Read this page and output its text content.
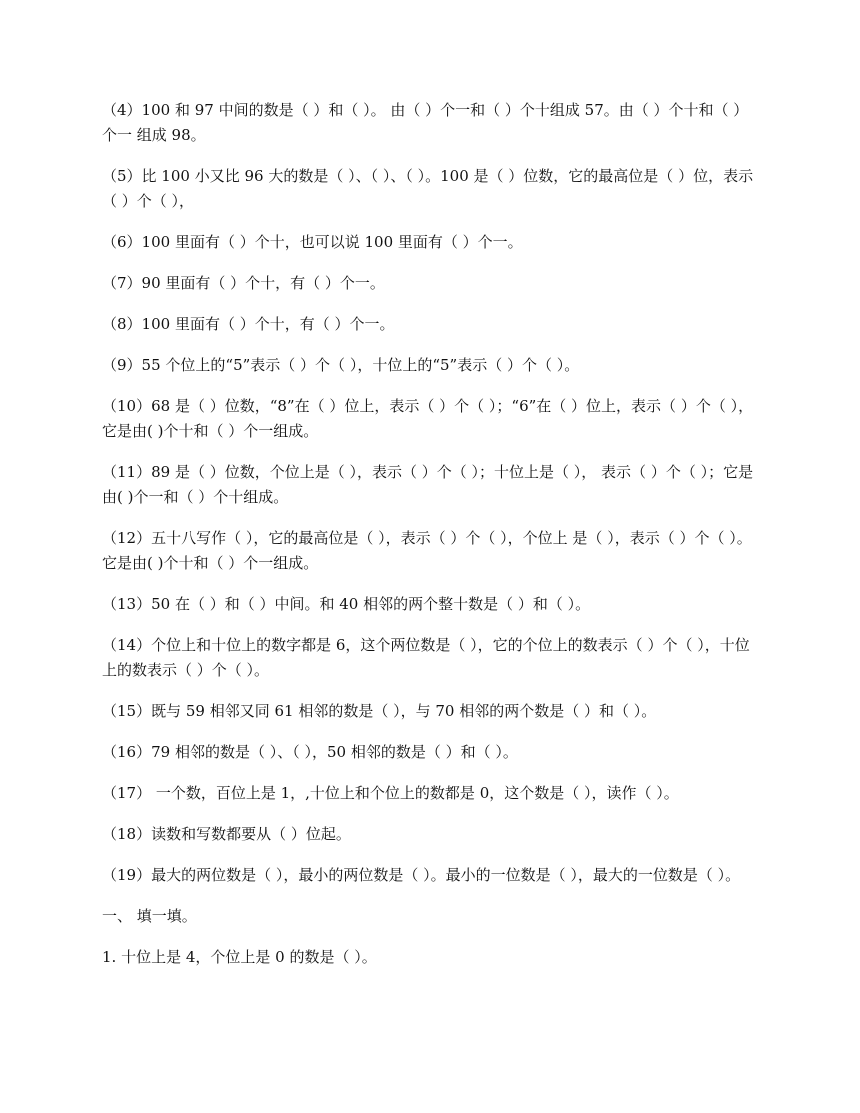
（4）100 和 97 中间的数是（ ）和（ ）。 由（ ）个一和（ ）个十组成 57。由（ ）个十和（ ）个一 组成 98。

（5）比 100 小又比 96 大的数是（ ）、（ ）、（ ）。100 是（ ）位数，它的最高位是（ ）位，表示（ ）个（ ），

（6）100 里面有（ ）个十，也可以说 100 里面有（ ）个一。

（7）90 里面有（ ）个十，有（ ）个一。

（8）100 里面有（ ）个十，有（ ）个一。

（9）55 个位上的“5”表示（ ）个（ ），十位上的“5”表示（ ）个（ ）。

（10）68 是（ ）位数，“8”在（ ）位上，表示（ ）个（ ）；“6”在（ ）位上，表示（ ）个（ ），它是由( )个十和（ ）个一组成。

（11）89 是（ ）位数，个位上是（ ），表示（ ）个（ ）；十位上是（ ）， 表示（ ）个（ ）；它是由( )个一和（ ）个十组成。

（12）五十八写作（ ），它的最高位是（ ），表示（ ）个（ ），个位上 是（ ），表示（ ）个（ ）。它是由( )个十和（ ）个一组成。

（13）50 在（ ）和（ ）中间。和 40 相邻的两个整十数是（ ）和（ ）。

（14）个位上和十位上的数字都是 6，这个两位数是（ ），它的个位上的数表示（ ）个（ ），十位上的数表示（ ）个（ ）。

（15）既与 59 相邻又同 61 相邻的数是（ ），与 70 相邻的两个数是（ ）和（ ）。

（16）79 相邻的数是（ ）、（ ），50 相邻的数是（ ）和（ ）。

（17） 一个数，百位上是 1，,十位上和个位上的数都是 0，这个数是（ ），读作（ ）。

（18）读数和写数都要从（ ）位起。

（19）最大的两位数是（ ），最小的两位数是（ ）。最小的一位数是（ ），最大的一位数是（ ）。

一、 填一填。

1. 十位上是 4，个位上是 0 的数是（ ）。
